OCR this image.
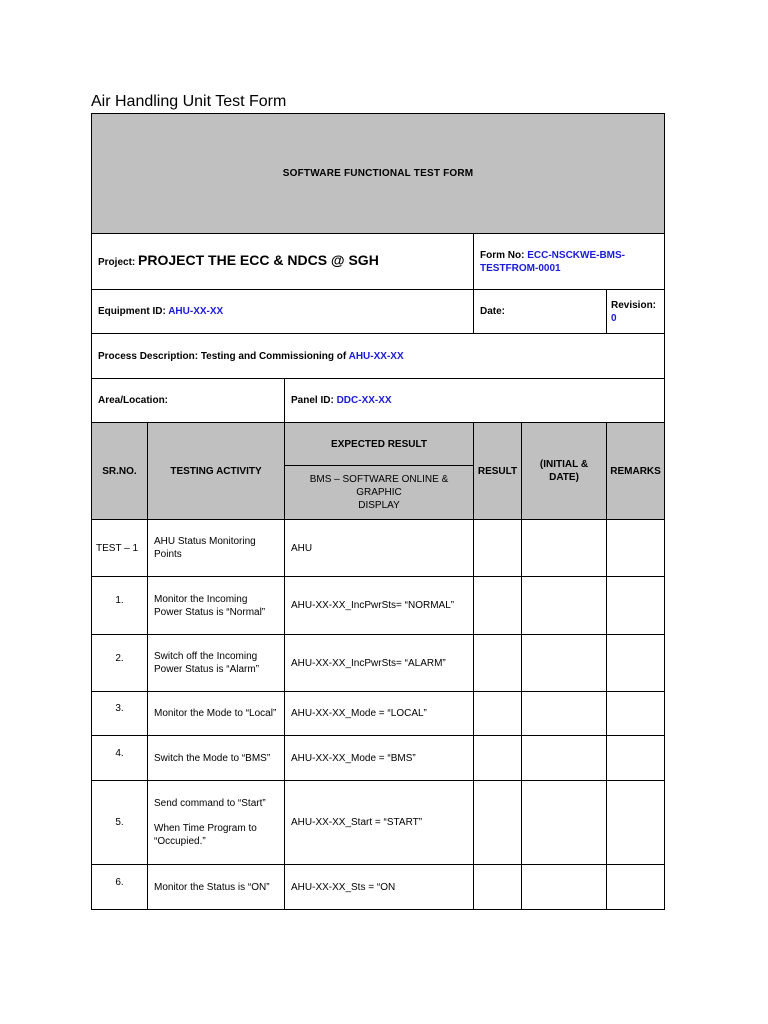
Air Handling Unit Test Form
SOFTWARE FUNCTIONAL TEST FORM					
Project: PROJECT THE ECC & NDCS @ SGH			Form No: ECC-NSCKWE-BMS-
TESTFROM-0001		
Equipment ID: AHU-XX-XX			Date:		Revision: 0
Process Description: Testing and Commissioning of AHU-XX-XX					
Area/Location:		Panel ID: DDC-XX-XX			
SR.NO.	TESTING ACTIVITY	EXPECTED RESULT	RESULT	(INITIAL & DATE)	REMARKS

		BMS – SOFTWARE ONLINE & GRAPHIC
DISPLAY			

TEST – 1	AHU Status Monitoring
Points	AHU			
1.	Monitor the Incoming
Power Status is “Normal”	AHU-XX-XX_IncPwrSts= “NORMAL”			
2.	Switch off the Incoming
Power Status is “Alarm”	AHU-XX-XX_IncPwrSts= “ALARM”			
3.	Monitor the Mode to “Local”	AHU-XX-XX_Mode = “LOCAL”			
4.	Switch the Mode to “BMS”	AHU-XX-XX_Mode = “BMS”			
5.	Send command to “Start”
When Time Program to
“Occupied.”	AHU-XX-XX_Start = “START”			
6.	Monitor the Status is “ON”	AHU-XX-XX_Sts = “ON			
